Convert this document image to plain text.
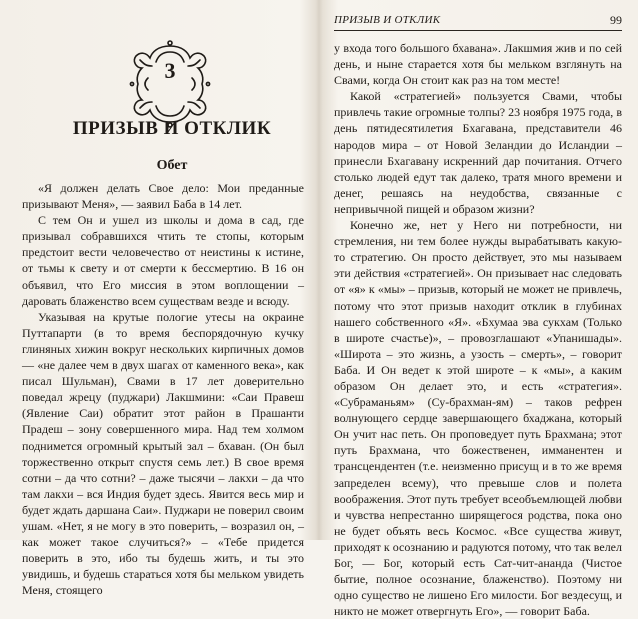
3
ПРИЗЫВ И ОТКЛИК
Обет

«Я должен делать Свое дело: Мои преданные призывают Меня», — заявил Баба в 14 лет.

С тем Он и ушел из школы и дома в сад, где призывал собравшихся чтить те стопы, которым предстоит вести человечество от неистины к истине, от тьмы к свету и от смерти к бессмертию. В 16 он объявил, что Его миссия в этом воплощении – даровать блаженство всем существам везде и всюду.

Указывая на крутые пологие утесы на окраине Путтапарти (в то время беспорядочную кучку глиняных хижин вокруг нескольких кирпичных домов — «не далее чем в двух шагах от каменного века», как писал Шульман), Свами в 17 лет доверительно поведал жрецу (пуджари) Лакшмини: «Саи Правеш (Явление Саи) обратит этот район в Прашанти Прадеш – зону совершенного мира. Над тем холмом поднимется огромный крытый зал – бхаван. (Он был торжественно открыт спустя семь лет.) В свое время сотни – да что сотни? – даже тысячи – лакхи – да что там лакхи – вся Индия будет здесь. Явится весь мир и будет ждать даршана Саи». Пуджари не поверил своим ушам. «Нет, я не могу в это поверить, – возразил он, – как может такое случиться?» – «Тебе придется поверить в это, ибо ты будешь жить, и ты это увидишь, и будешь стараться хотя бы мельком увидеть Меня, стоящего

ПРИЗЫВ И ОТКЛИК	99

у входа того большого бхавана». Лакшмия жив и по сей день, и ныне старается хотя бы мельком взглянуть на Свами, когда Он стоит как раз на том месте!

Какой «стратегией» пользуется Свами, чтобы привлечь такие огромные толпы? 23 ноября 1975 года, в день пятидесятилетия Бхагавана, представители 46 народов мира – от Новой Зеландии до Исландии – принесли Бхагавану искренний дар почитания. Отчего столько людей едут так далеко, тратя много времени и денег, решаясь на неудобства, связанные с непривычной пищей и образом жизни?

Конечно же, нет у Него ни потребности, ни стремления, ни тем более нужды вырабатывать какую-то стратегию. Он просто действует, это мы называем эти действия «стратегией». Он призывает нас следовать от «я» к «мы» – призыв, который не может не привлечь, потому что этот призыв находит отклик в глубинах нашего собственного «Я». «Бхумаа эва сукхам (Только в широте счастье)», – провозглашают «Упанишады». «Широта – это жизнь, а узость – смерть», – говорит Баба. И Он ведет к этой широте – к «мы», а каким образом Он делает это, и есть «стратегия». «Субраманьям» (Су-брахман-ям) – таков рефрен волнующего сердце завершающего бхаджана, который Он учит нас петь. Он проповедует путь Брахмана; этот путь Брахмана, что божественен, имманентен и трансцендентен (т.е. неизменно присущ и в то же время запределен всему), что превыше слов и полета воображения. Этот путь требует всеобъемлющей любви и чувства непрестанно ширящегося родства, пока оно не будет объять весь Космос. «Все существа живут, приходят к осознанию и радуются потому, что так велел Бог, — Бог, который есть Сат-чит-ананда (Чистое бытие, полное осознание, блаженство). Поэтому ни одно существо не лишено Его милости. Бог вездесущ, и никто не может отвергнуть Его», — говорит Баба.
